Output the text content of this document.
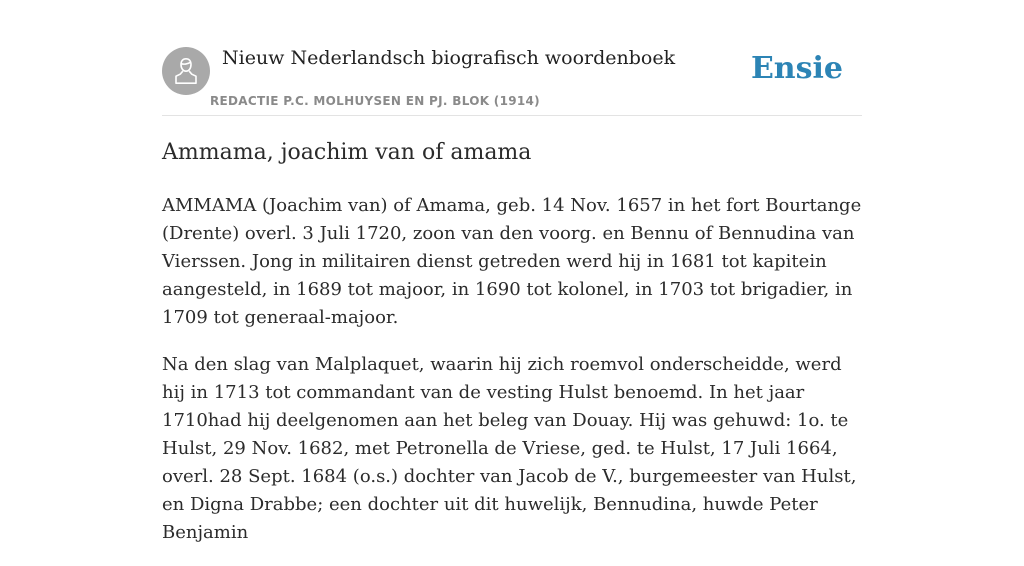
Nieuw Nederlandsch biografisch woordenboek
REDACTIE P.C. MOLHUYSEN EN PJ. BLOK (1914)
Ensie
Ammama, joachim van of amama

AMMAMA (Joachim van) of Amama, geb. 14 Nov. 1657 in het fort Bourtange (Drente) overl. 3 Juli 1720, zoon van den voorg. en Bennu of Bennudina van Vierssen. Jong in militairen dienst getreden werd hij in 1681 tot kapitein aangesteld, in 1689 tot majoor, in 1690 tot kolonel, in 1703 tot brigadier, in 1709 tot generaal-majoor.

Na den slag van Malplaquet, waarin hij zich roemvol onderscheidde, werd hij in 1713 tot commandant van de vesting Hulst benoemd. In het jaar 1710had hij deelgenomen aan het beleg van Douay. Hij was gehuwd: 1o. te Hulst, 29 Nov. 1682, met Petronella de Vriese, ged. te Hulst, 17 Juli 1664, overl. 28 Sept. 1684 (o.s.) dochter van Jacob de V., burgemeester van Hulst, en Digna Drabbe; een dochter uit dit huwelijk, Bennudina, huwde Peter Benjamin
